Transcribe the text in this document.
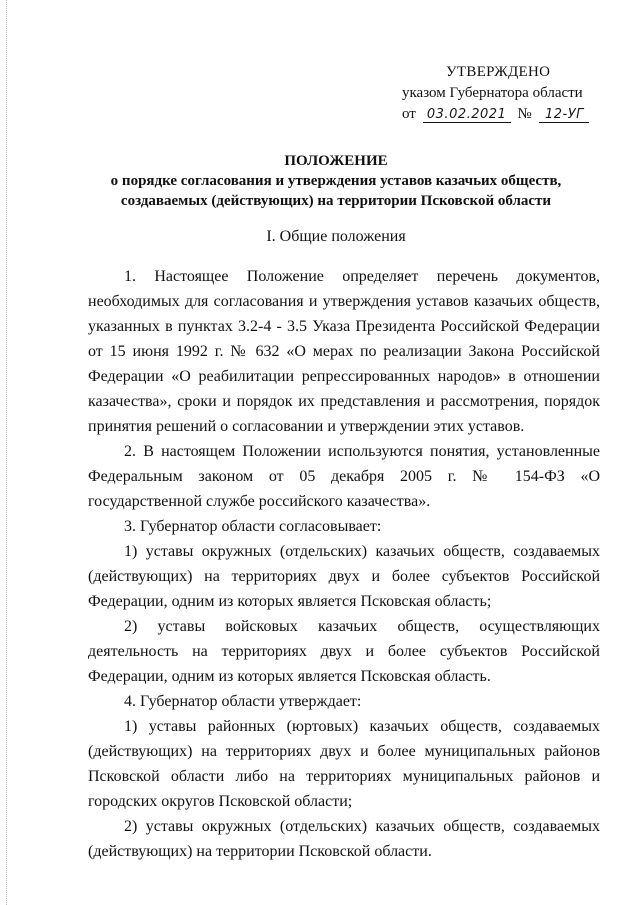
УТВЕРЖДЕНО
указом Губернатора области
от 03.02.2021 № 12-УГ
ПОЛОЖЕНИЕ
о порядке согласования и утверждения уставов казачьих обществ,
создаваемых (действующих) на территории Псковской области
I. Общие положения

1. Настоящее Положение определяет перечень документов, необходимых для согласования и утверждения уставов казачьих обществ, указанных в пунктах 3.2-4 - 3.5 Указа Президента Российской Федерации от 15 июня 1992 г. № 632 «О мерах по реализации Закона Российской Федерации «О реабилитации репрессированных народов» в отношении казачества», сроки и порядок их представления и рассмотрения, порядок принятия решений о согласовании и утверждении этих уставов.

2. В настоящем Положении используются понятия, установленные Федеральным законом от 05 декабря 2005 г. № 154-ФЗ «О государственной службе российского казачества».

3. Губернатор области согласовывает:

1) уставы окружных (отдельских) казачьих обществ, создаваемых (действующих) на территориях двух и более субъектов Российской Федерации, одним из которых является Псковская область;

2) уставы войсковых казачьих обществ, осуществляющих деятельность на территориях двух и более субъектов Российской Федерации, одним из которых является Псковская область.

4. Губернатор области утверждает:

1) уставы районных (юртовых) казачьих обществ, создаваемых (действующих) на территориях двух и более муниципальных районов Псковской области либо на территориях муниципальных районов и городских округов Псковской области;

2) уставы окружных (отдельских) казачьих обществ, создаваемых (действующих) на территории Псковской области.
